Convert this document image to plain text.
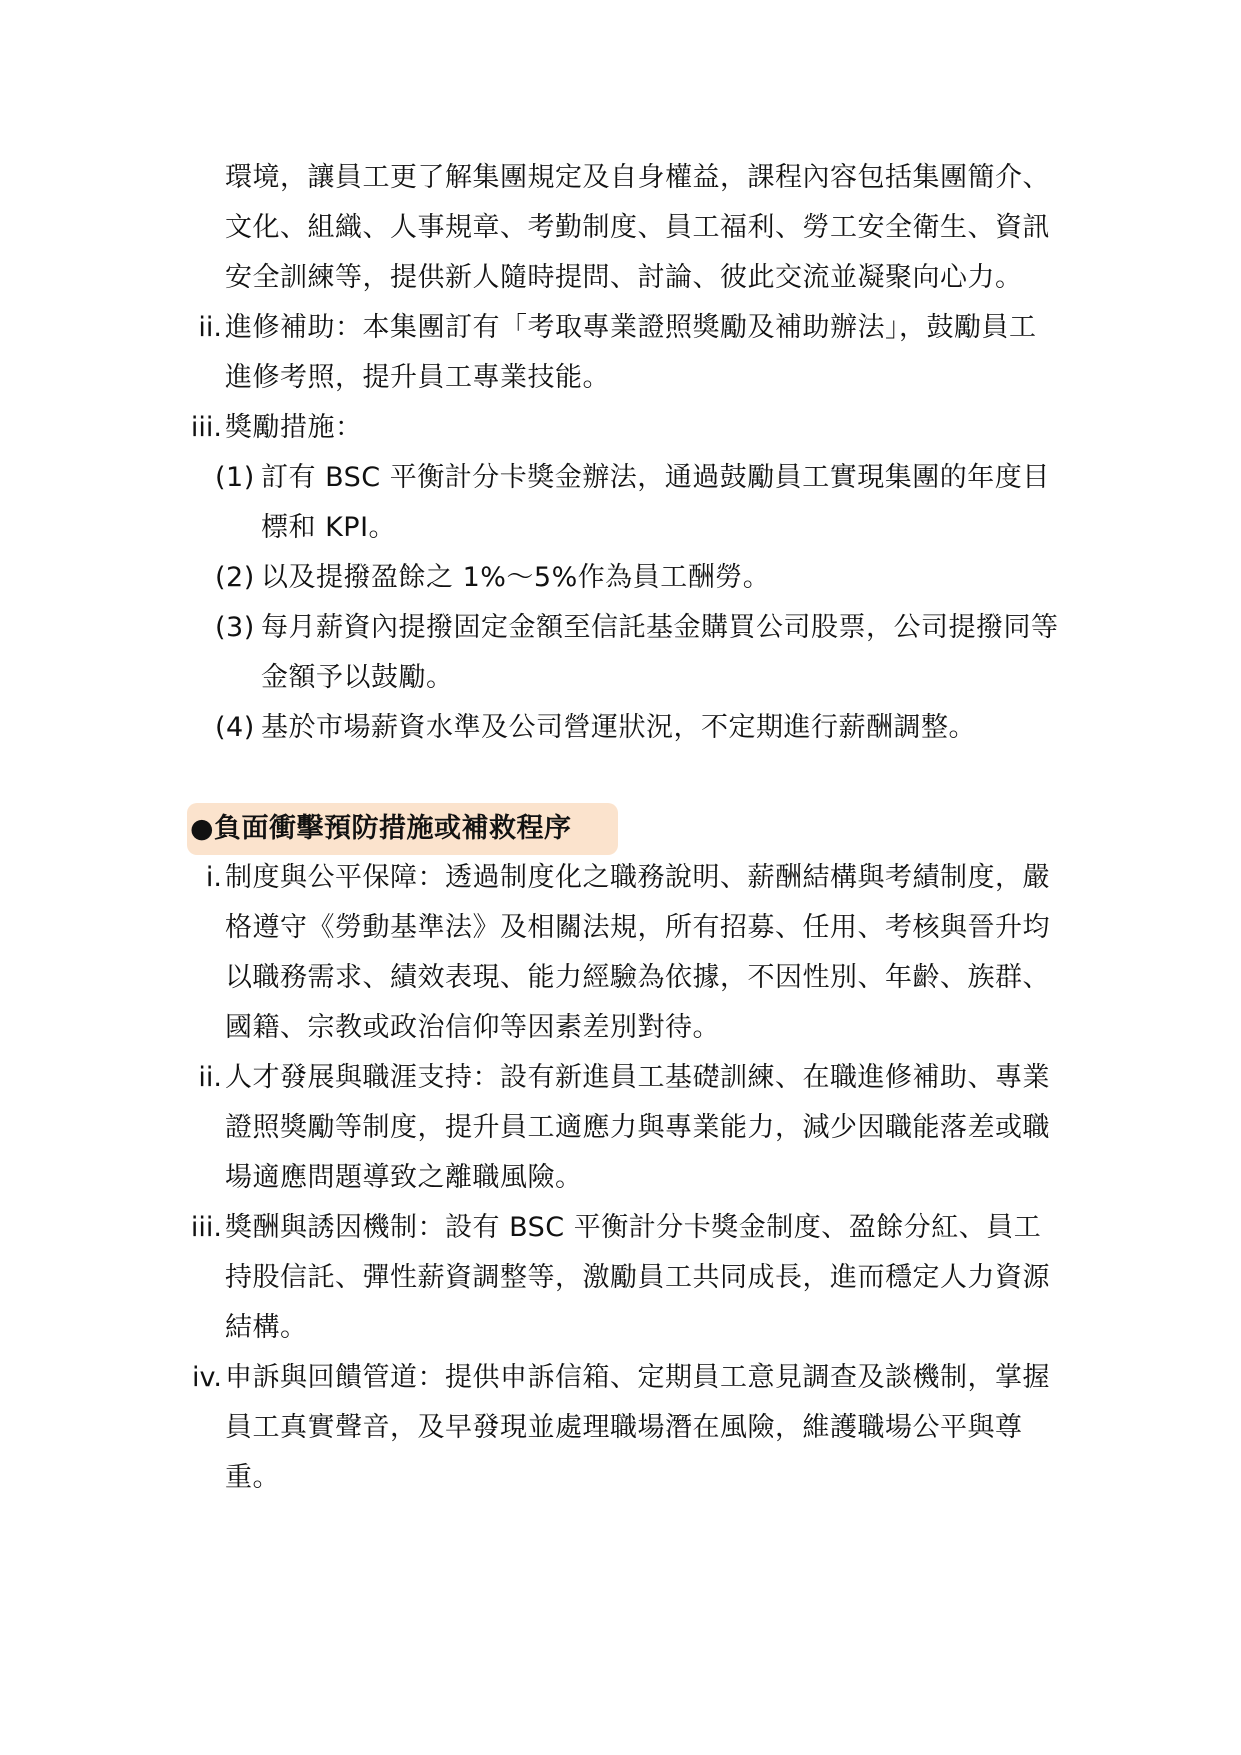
環境，讓員工更了解集團規定及自身權益，課程內容包括集團簡介、
文化、組織、人事規章、考勤制度、員工福利、勞工安全衛生、資訊
安全訓練等，提供新人隨時提問、討論、彼此交流並凝聚向心力。
ii. 進修補助：本集團訂有「考取專業證照獎勵及補助辦法」，鼓勵員工
進修考照，提升員工專業技能。
iii. 獎勵措施：
(1) 訂有 BSC 平衡計分卡獎金辦法，通過鼓勵員工實現集團的年度目
標和 KPI。
(2) 以及提撥盈餘之 1%～5%作為員工酬勞。
(3) 每月薪資內提撥固定金額至信託基金購買公司股票，公司提撥同等
金額予以鼓勵。
(4) 基於市場薪資水準及公司營運狀況，不定期進行薪酬調整。
●負面衝擊預防措施或補救程序
i. 制度與公平保障：透過制度化之職務說明、薪酬結構與考績制度，嚴
格遵守《勞動基準法》及相關法規，所有招募、任用、考核與晉升均
以職務需求、績效表現、能力經驗為依據，不因性別、年齡、族群、
國籍、宗教或政治信仰等因素差別對待。
ii. 人才發展與職涯支持：設有新進員工基礎訓練、在職進修補助、專業
證照獎勵等制度，提升員工適應力與專業能力，減少因職能落差或職
場適應問題導致之離職風險。
iii. 獎酬與誘因機制：設有 BSC 平衡計分卡獎金制度、盈餘分紅、員工
持股信託、彈性薪資調整等，激勵員工共同成長，進而穩定人力資源
結構。
iv. 申訴與回饋管道：提供申訴信箱、定期員工意見調查及談機制，掌握
員工真實聲音，及早發現並處理職場潛在風險，維護職場公平與尊
重。
